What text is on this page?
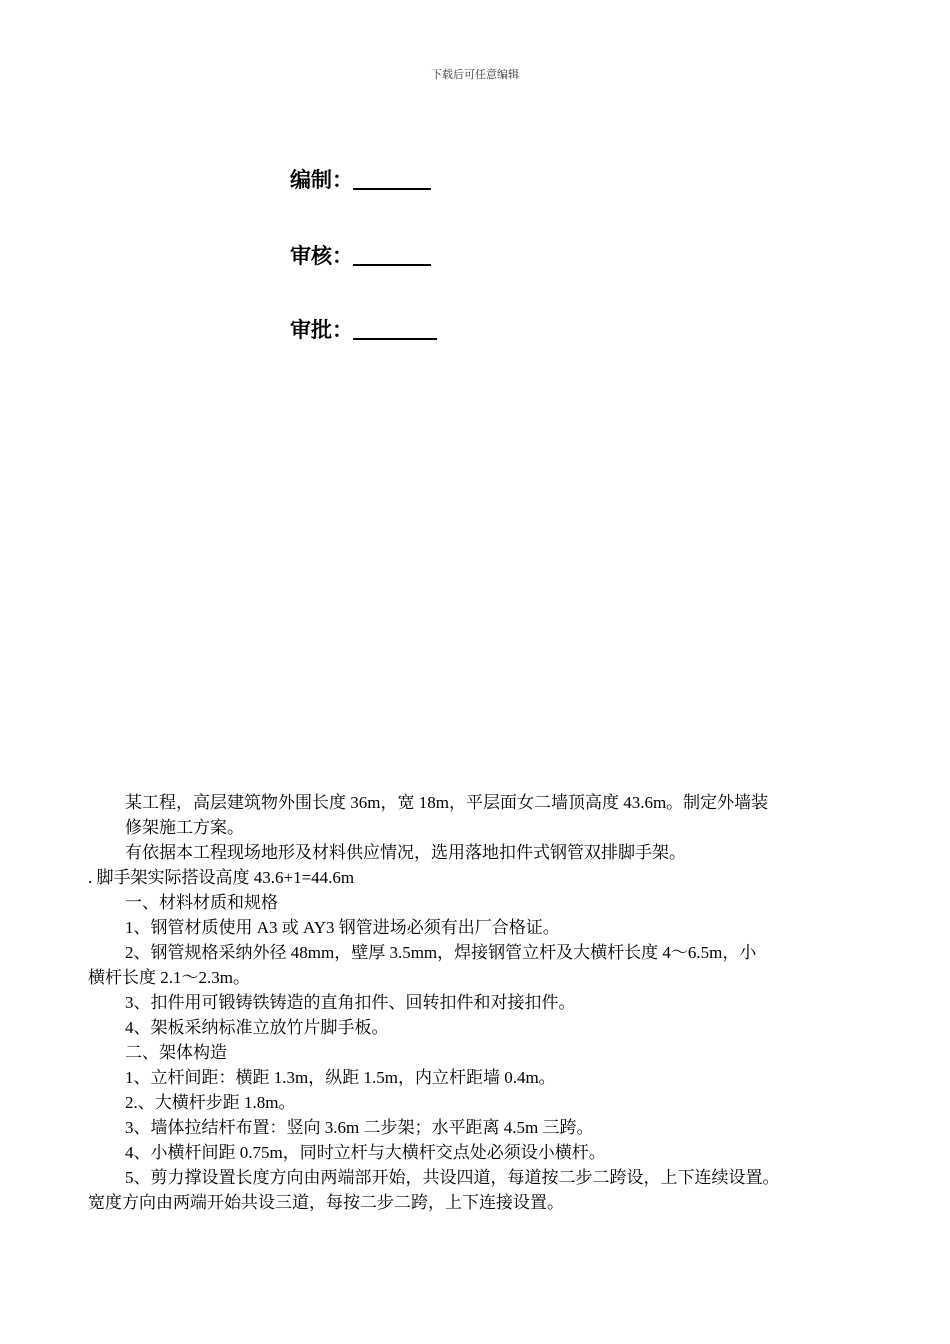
下载后可任意编辑
编制：
审核：
审批：
某工程，高层建筑物外围长度 36m，宽 18m，平层面女二墙顶高度 43.6m。制定外墙装
修架施工方案。
有依据本工程现场地形及材料供应情况，选用落地扣件式钢管双排脚手架。
. 脚手架实际搭设高度 43.6+1=44.6m
一、材料材质和规格
1、钢管材质使用 A3 或 AY3 钢管进场必须有出厂合格证。
2、钢管规格采纳外径 48mm，壁厚 3.5mm，焊接钢管立杆及大横杆长度 4～6.5m，小
横杆长度 2.1～2.3m。
3、扣件用可锻铸铁铸造的直角扣件、回转扣件和对接扣件。
4、架板采纳标准立放竹片脚手板。
二、架体构造
1、立杆间距：横距 1.3m，纵距 1.5m，内立杆距墙 0.4m。
2.、大横杆步距 1.8m。
3、墙体拉结杆布置：竖向 3.6m 二步架；水平距离 4.5m 三跨。
4、小横杆间距 0.75m，同时立杆与大横杆交点处必须设小横杆。
5、剪力撑设置长度方向由两端部开始，共设四道，每道按二步二跨设，上下连续设置。
宽度方向由两端开始共设三道，每按二步二跨，上下连接设置。
